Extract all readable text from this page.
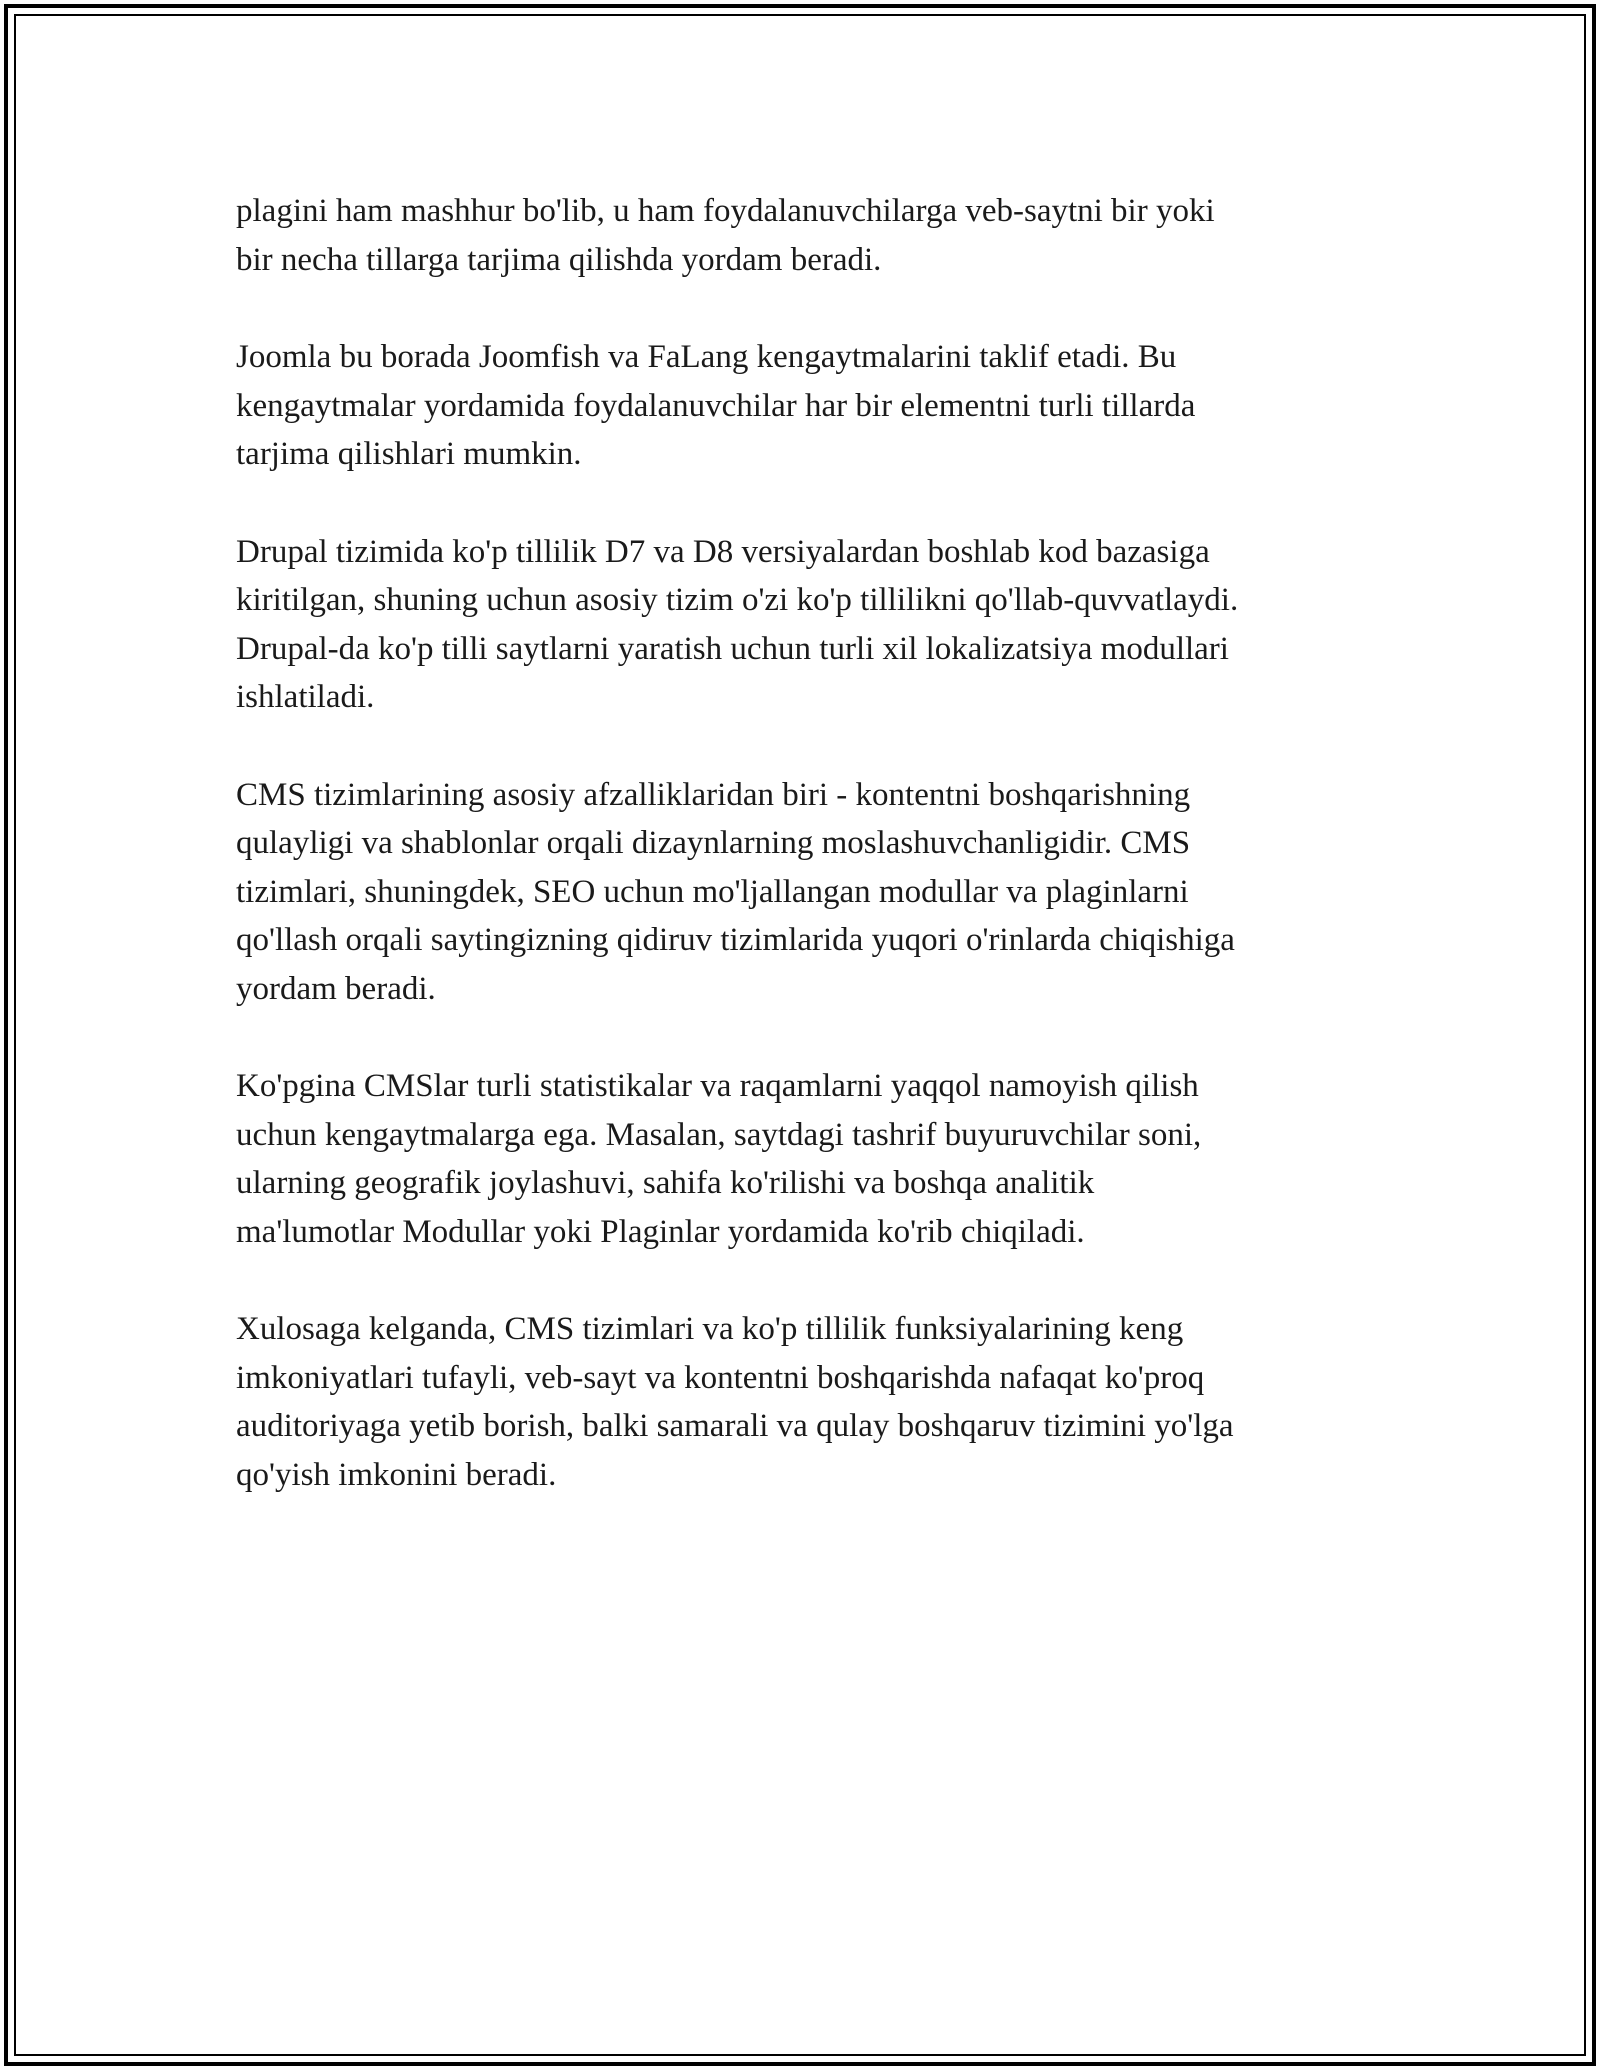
plagini ham mashhur bo'lib, u ham foydalanuvchilarga veb-saytni bir yoki
bir necha tillarga tarjima qilishda yordam beradi.

Joomla bu borada Joomfish va FaLang kengaytmalarini taklif etadi. Bu
kengaytmalar yordamida foydalanuvchilar har bir elementni turli tillarda
tarjima qilishlari mumkin.

Drupal tizimida ko'p tillilik D7 va D8 versiyalardan boshlab kod bazasiga
kiritilgan, shuning uchun asosiy tizim o'zi ko'p tillilikni qo'llab-quvvatlaydi.
Drupal-da ko'p tilli saytlarni yaratish uchun turli xil lokalizatsiya modullari
ishlatiladi.

CMS tizimlarining asosiy afzalliklaridan biri - kontentni boshqarishning
qulayligi va shablonlar orqali dizaynlarning moslashuvchanligidir. CMS
tizimlari, shuningdek, SEO uchun mo'ljallangan modullar va plaginlarni
qo'llash orqali saytingizning qidiruv tizimlarida yuqori o'rinlarda chiqishiga
yordam beradi.

Ko'pgina CMSlar turli statistikalar va raqamlarni yaqqol namoyish qilish
uchun kengaytmalarga ega. Masalan, saytdagi tashrif buyuruvchilar soni,
ularning geografik joylashuvi, sahifa ko'rilishi va boshqa analitik
ma'lumotlar Modullar yoki Plaginlar yordamida ko'rib chiqiladi.

Xulosaga kelganda, CMS tizimlari va ko'p tillilik funksiyalarining keng
imkoniyatlari tufayli, veb-sayt va kontentni boshqarishda nafaqat ko'proq
auditoriyaga yetib borish, balki samarali va qulay boshqaruv tizimini yo'lga
qo'yish imkonini beradi.
